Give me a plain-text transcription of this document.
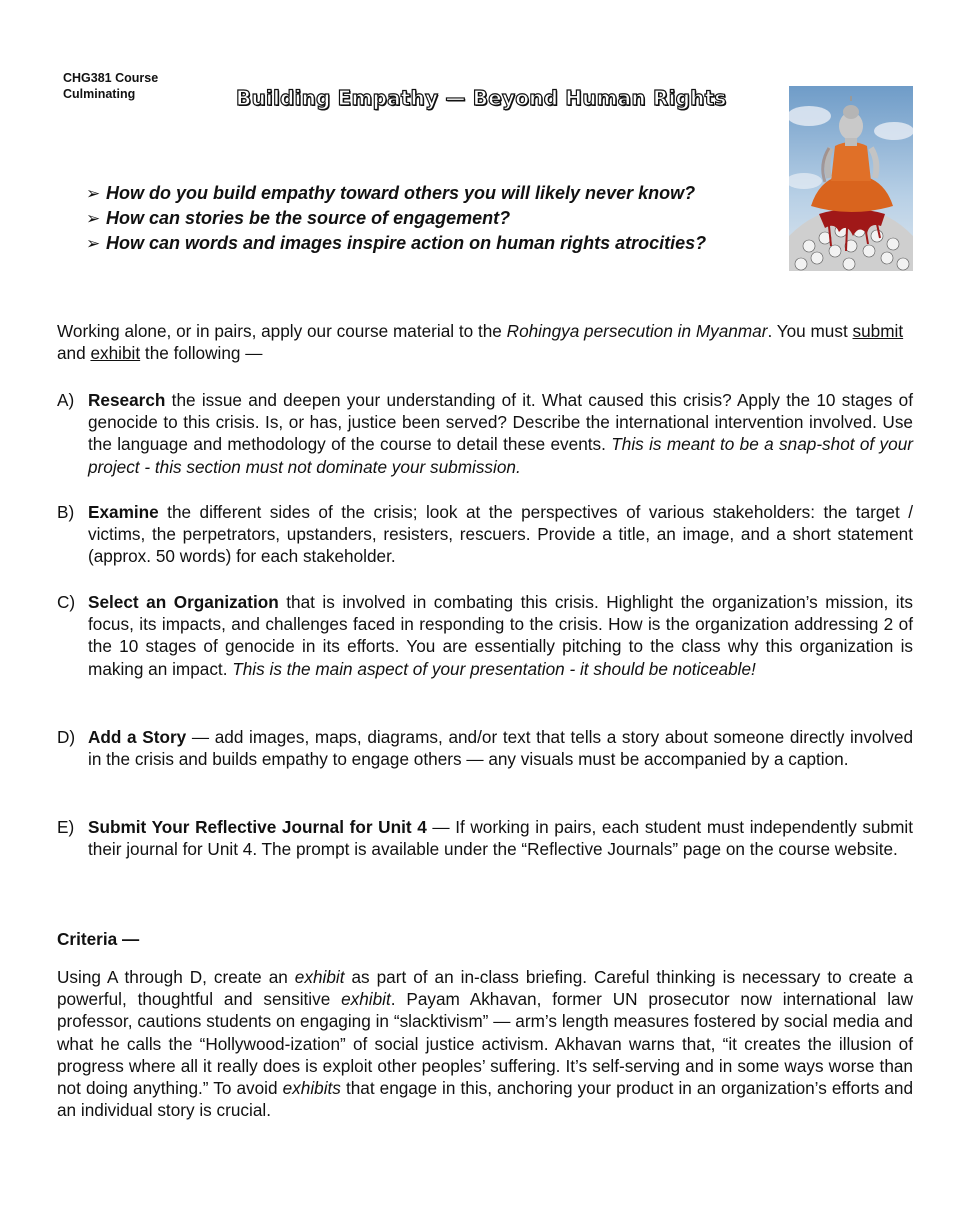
CHG381 Course
Culminating	Building Empathy — Beyond Human Rights
➢ How do you build empathy toward others you will likely never know?
➢ How can stories be the source of engagement?
➢ How can words and images inspire action on human rights atrocities?
Working alone, or in pairs, apply our course material to the Rohingya persecution in Myanmar. You must submit and exhibit the following —
A) Research the issue and deepen your understanding of it. What caused this crisis? Apply the 10 stages of genocide to this crisis. Is, or has, justice been served? Describe the international intervention involved. Use the language and methodology of the course to detail these events. This is meant to be a snap-shot of your project - this section must not dominate your submission.
B) Examine the different sides of the crisis; look at the perspectives of various stakeholders: the target / victims, the perpetrators, upstanders, resisters, rescuers. Provide a title, an image, and a short statement (approx. 50 words) for each stakeholder.
C) Select an Organization that is involved in combating this crisis. Highlight the organization’s mission, its focus, its impacts, and challenges faced in responding to the crisis. How is the organization addressing 2 of the 10 stages of genocide in its efforts. You are essentially pitching to the class why this organization is making an impact. This is the main aspect of your presentation - it should be noticeable!
D) Add a Story — add images, maps, diagrams, and/or text that tells a story about someone directly involved in the crisis and builds empathy to engage others — any visuals must be accompanied by a caption.
E) Submit Your Reflective Journal for Unit 4 — If working in pairs, each student must independently submit their journal for Unit 4. The prompt is available under the “Reflective Journals” page on the course website.
Criteria —
Using A through D, create an exhibit as part of an in-class briefing. Careful thinking is necessary to create a powerful, thoughtful and sensitive exhibit. Payam Akhavan, former UN prosecutor now international law professor, cautions students on engaging in “slacktivism” — arm’s length measures fostered by social media and what he calls the “Hollywood-ization” of social justice activism. Akhavan warns that, “it creates the illusion of progress where all it really does is exploit other peoples’ suffering. It’s self-serving and in some ways worse than not doing anything.” To avoid exhibits that engage in this, anchoring your product in an organization’s efforts and an individual story is crucial.
